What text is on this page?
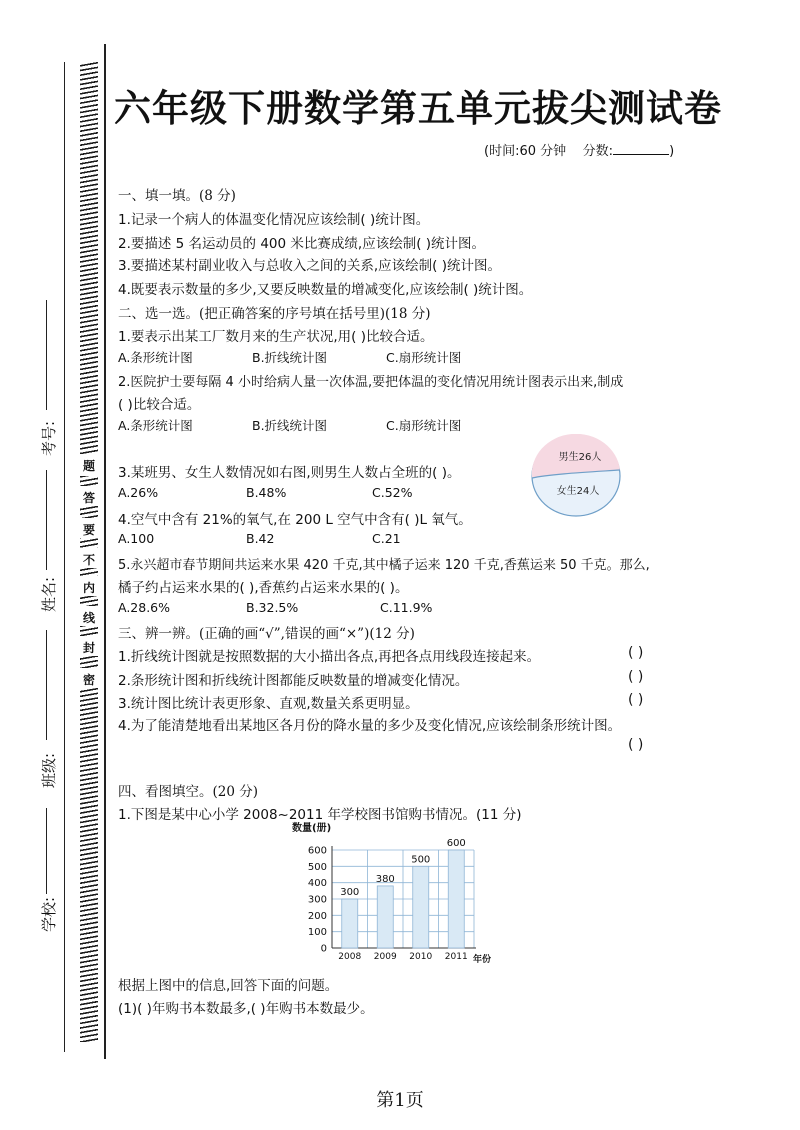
题
答
要
不
内
线
封
密
考号:
姓名:
班级:
学校:
六年级下册数学第五单元拔尖测试卷
(时间:60 分钟 分数:	)
一、填一填。(8 分)
1.记录一个病人的体温变化情况应该绘制( )统计图。
2.要描述 5 名运动员的 400 米比赛成绩,应该绘制( )统计图。
3.要描述某村副业收入与总收入之间的关系,应该绘制( )统计图。
4.既要表示数量的多少,又要反映数量的增减变化,应该绘制( )统计图。
二、选一选。(把正确答案的序号填在括号里)(18 分)
1.要表示出某工厂数月来的生产状况,用( )比较合适。
A.条形统计图	B.折线统计图	C.扇形统计图
2.医院护士要每隔 4 小时给病人量一次体温,要把体温的变化情况用统计图表示出来,制成
( )比较合适。
A.条形统计图	B.折线统计图	C.扇形统计图
男生26人
女生24人
3.某班男、女生人数情况如右图,则男生人数占全班的( )。
A.26%	B.48%	C.52%
4.空气中含有 21%的氧气,在 200 L 空气中含有( )L 氧气。
A.100	B.42	C.21
5.永兴超市春节期间共运来水果 420 千克,其中橘子运来 120 千克,香蕉运来 50 千克。那么,
橘子约占运来水果的( ),香蕉约占运来水果的( )。
A.28.6%	B.32.5%	C.11.9%
三、辨一辨。(正确的画“√”,错误的画“×”)(12 分)
1.折线统计图就是按照数据的大小描出各点,再把各点用线段连接起来。	( )
2.条形统计图和折线统计图都能反映数量的增减变化情况。	( )
3.统计图比统计表更形象、直观,数量关系更明显。	( )
4.为了能清楚地看出某地区各月份的降水量的多少及变化情况,应该绘制条形统计图。
( )
四、看图填空。(20 分)
1.下图是某中心小学 2008~2011 年学校图书馆购书情况。(11 分)
数量(册)
0
100
200
300
400
500
600
300
2008
380
2009
500
2010
600
2011 年份
根据上图中的信息,回答下面的问题。
(1)( )年购书本数最多,( )年购书本数最少。
第1页
